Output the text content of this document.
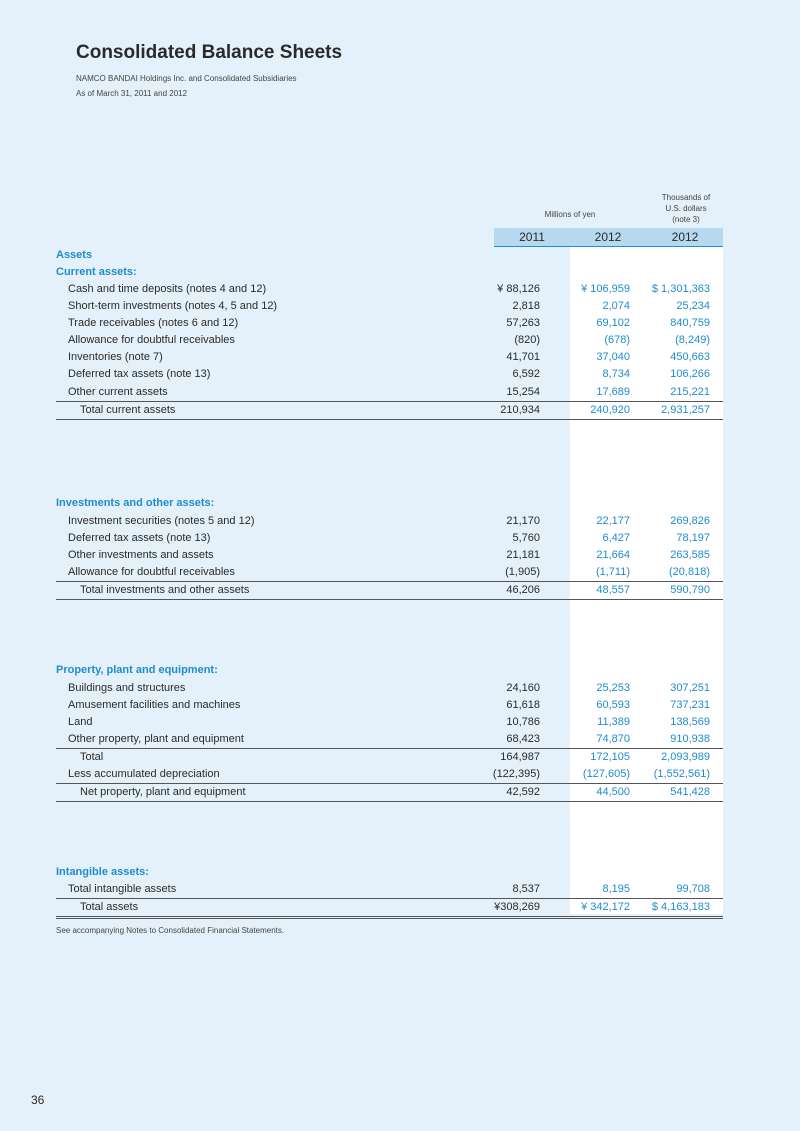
Consolidated Balance Sheets
NAMCO BANDAI Holdings Inc. and Consolidated Subsidiaries
As of March 31, 2011 and 2012
Millions of yen
Thousands of
U.S. dollars
(note 3)
2011	2012	2012
Assets
Current assets:
Cash and time deposits (notes 4 and 12)	¥ 88,126	¥ 106,959 $ 1,301,363
Short-term investments (notes 4, 5 and 12)	2,818	2,074	25,234
Trade receivables (notes 6 and 12)	57,263	69,102	840,759
Allowance for doubtful receivables	(820)	(678)	(8,249)
Inventories (note 7)	41,701	37,040	450,663
Deferred tax assets (note 13)	6,592	8,734	106,266
Other current assets	15,254	17,689	215,221
Total current assets	210,934	240,920	2,931,257
Investments and other assets:
Investment securities (notes 5 and 12)	21,170	22,177	269,826
Deferred tax assets (note 13)	5,760	6,427	78,197
Other investments and assets	21,181	21,664	263,585
Allowance for doubtful receivables	(1,905)	(1,711)	(20,818)
Total investments and other assets	46,206	48,557	590,790
Property, plant and equipment:
Buildings and structures	24,160	25,253	307,251
Amusement facilities and machines	61,618	60,593	737,231
Land	10,786	11,389	138,569
Other property, plant and equipment	68,423	74,870	910,938
Total	164,987	172,105	2,093,989
Less accumulated depreciation	(122,395)	(127,605) (1,552,561)
Net property, plant and equipment	42,592	44,500	541,428
Intangible assets:
Total intangible assets	8,537	8,195	99,708
Total assets	¥308,269	¥ 342,172 $ 4,163,183
See accompanying Notes to Consolidated Financial Statements.
36
